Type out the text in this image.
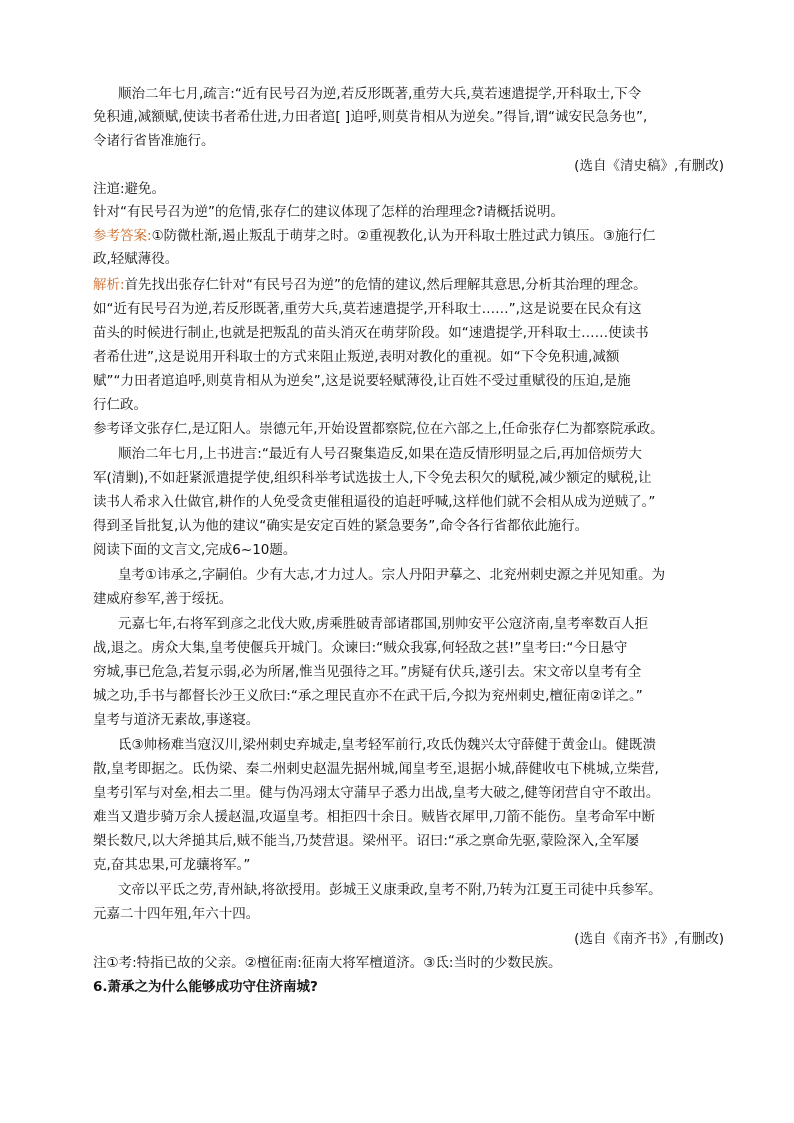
顺治二年七月,疏言:“近有民号召为逆,若反形既著,重劳大兵,莫若速遣提学,开科取士,下令
免积逋,减额赋,使读书者希仕进,力田者逭[ ]追呼,则莫肯相从为逆矣。”得旨,谓“诚安民急务也”,
令诸行省皆准施行。
(选自《清史稿》,有删改)
注逭:避免。
针对“有民号召为逆”的危情,张存仁的建议体现了怎样的治理理念?请概括说明。
参考答案:①防微杜渐,遏止叛乱于萌芽之时。②重视教化,认为开科取士胜过武力镇压。③施行仁
政,轻赋薄役。
解析:首先找出张存仁针对“有民号召为逆”的危情的建议,然后理解其意思,分析其治理的理念。
如“近有民号召为逆,若反形既著,重劳大兵,莫若速遣提学,开科取士……”,这是说要在民众有这
苗头的时候进行制止,也就是把叛乱的苗头消灭在萌芽阶段。如“速遣提学,开科取士……使读书
者希仕进”,这是说用开科取士的方式来阻止叛逆,表明对教化的重视。如“下令免积逋,减额
赋”“力田者逭追呼,则莫肯相从为逆矣”,这是说要轻赋薄役,让百姓不受过重赋役的压迫,是施
行仁政。
参考译文张存仁,是辽阳人。崇德元年,开始设置都察院,位在六部之上,任命张存仁为都察院承政。
顺治二年七月,上书进言:“最近有人号召聚集造反,如果在造反情形明显之后,再加倍烦劳大
军(清剿),不如赶紧派遣提学使,组织科举考试选拔士人,下令免去积欠的赋税,减少额定的赋税,让
读书人希求入仕做官,耕作的人免受贪吏催租逼役的追赶呼喊,这样他们就不会相从成为逆贼了。”
得到圣旨批复,认为他的建议“确实是安定百姓的紧急要务”,命令各行省都依此施行。
阅读下面的文言文,完成6~10题。
皇考①讳承之,字嗣伯。少有大志,才力过人。宗人丹阳尹摹之、北兖州刺史源之并见知重。为
建威府参军,善于绥抚。
元嘉七年,右将军到彦之北伐大败,虏乘胜破青部诸郡国,别帅安平公寇济南,皇考率数百人拒
战,退之。虏众大集,皇考使偃兵开城门。众谏曰:“贼众我寡,何轻敌之甚!”皇考曰:“今日悬守
穷城,事已危急,若复示弱,必为所屠,惟当见强待之耳。”虏疑有伏兵,遂引去。宋文帝以皇考有全
城之功,手书与都督长沙王义欣曰:“承之理民直亦不在武干后,今拟为兖州刺史,檀征南②详之。”
皇考与道济无素故,事遂寝。
氐③帅杨难当寇汉川,梁州刺史弃城走,皇考轻军前行,攻氐伪魏兴太守薛健于黄金山。健既溃
散,皇考即据之。氐伪梁、秦二州刺史赵温先据州城,闻皇考至,退据小城,薛健收屯下桃城,立柴营,
皇考引军与对垒,相去二里。健与伪冯翊太守蒲早子悉力出战,皇考大破之,健等闭营自守不敢出。
难当又遣步骑万余人援赵温,攻逼皇考。相拒四十余日。贼皆衣犀甲,刀箭不能伤。皇考命军中断
槊长数尺,以大斧搥其后,贼不能当,乃焚营退。梁州平。诏曰:“承之禀命先驱,蒙险深入,全军屡
克,奋其忠果,可龙骧将军。”
文帝以平氐之劳,青州缺,将欲授用。彭城王义康秉政,皇考不附,乃转为江夏王司徒中兵参军。
元嘉二十四年殂,年六十四。
(选自《南齐书》,有删改)
注①考:特指已故的父亲。②檀征南:征南大将军檀道济。③氐:当时的少数民族。
6.萧承之为什么能够成功守住济南城?
